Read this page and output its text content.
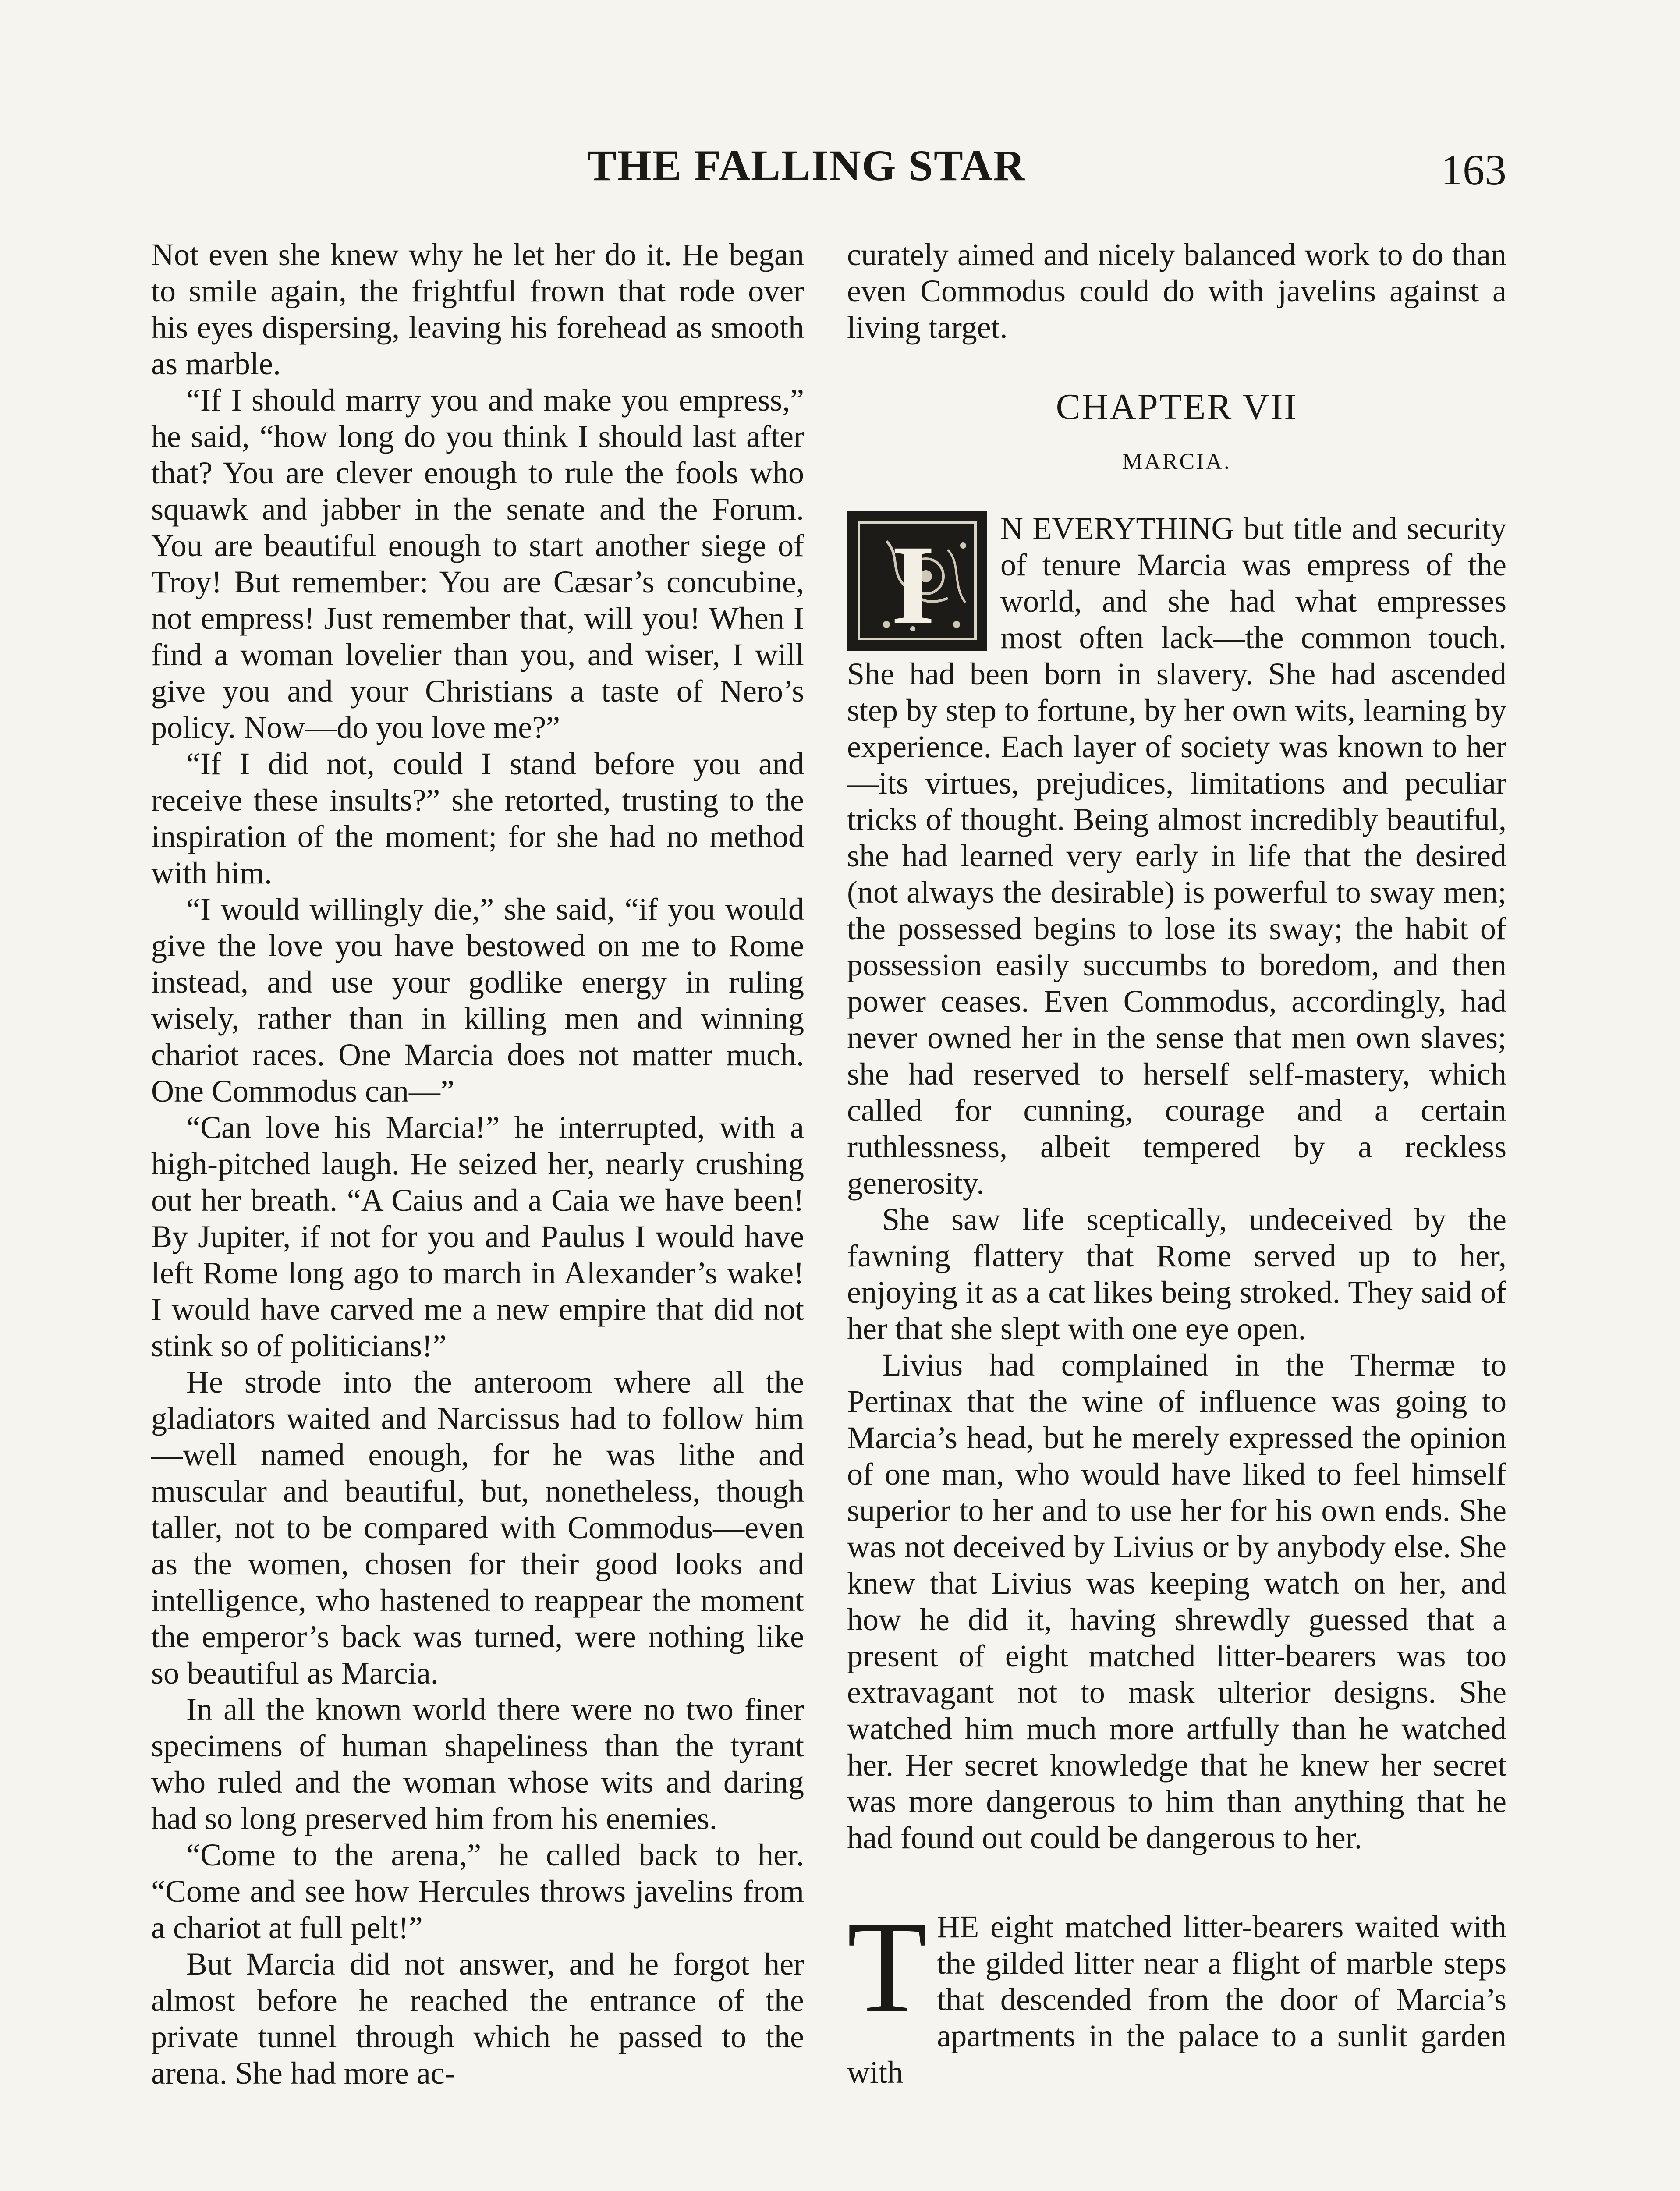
THE FALLING STAR	163

Not even she knew why he let her do it. He began to smile again, the frightful frown that rode over his eyes dispersing, leaving his forehead as smooth as marble.

“If I should marry you and make you empress,” he said, “how long do you think I should last after that? You are clever enough to rule the fools who squawk and jabber in the senate and the Forum. You are beautiful enough to start another siege of Troy! But remember: You are Cæsar’s concubine, not empress! Just remember that, will you! When I find a woman lovelier than you, and wiser, I will give you and your Christians a taste of Nero’s policy. Now—do you love me?”

“If I did not, could I stand before you and receive these insults?” she retorted, trusting to the inspiration of the moment; for she had no method with him.

“I would willingly die,” she said, “if you would give the love you have bestowed on me to Rome instead, and use your godlike energy in ruling wisely, rather than in killing men and winning chariot races. One Marcia does not matter much. One Commodus can—”

“Can love his Marcia!” he interrupted, with a high-pitched laugh. He seized her, nearly crushing out her breath. “A Caius and a Caia we have been! By Jupiter, if not for you and Paulus I would have left Rome long ago to march in Alexander’s wake! I would have carved me a new empire that did not stink so of politicians!”

He strode into the anteroom where all the gladiators waited and Narcissus had to follow him—well named enough, for he was lithe and muscular and beautiful, but, nonetheless, though taller, not to be compared with Commodus—even as the women, chosen for their good looks and intelligence, who hastened to reappear the moment the emperor’s back was turned, were nothing like so beautiful as Marcia.

In all the known world there were no two finer specimens of human shapeliness than the tyrant who ruled and the woman whose wits and daring had so long preserved him from his enemies.

“Come to the arena,” he called back to her. “Come and see how Hercules throws javelins from a chariot at full pelt!”

But Marcia did not answer, and he forgot her almost before he reached the entrance of the private tunnel through which he passed to the arena. She had more ac-

curately aimed and nicely balanced work to do than even Commodus could do with javelins against a living target.

CHAPTER VII
MARCIA.

I N EVERYTHING but title and security of tenure Marcia was empress of the world, and she had what empresses most often lack—the common touch. She had been born in slavery. She had ascended step by step to fortune, by her own wits, learning by experience. Each layer of society was known to her—its virtues, prejudices, limitations and peculiar tricks of thought. Being almost incredibly beautiful, she had learned very early in life that the desired (not always the desirable) is powerful to sway men; the possessed begins to lose its sway; the habit of possession easily succumbs to boredom, and then power ceases. Even Commodus, accordingly, had never owned her in the sense that men own slaves; she had reserved to herself self-mastery, which called for cunning, courage and a certain ruthlessness, albeit tempered by a reckless generosity.

She saw life sceptically, undeceived by the fawning flattery that Rome served up to her, enjoying it as a cat likes being stroked. They said of her that she slept with one eye open.

Livius had complained in the Thermæ to Pertinax that the wine of influence was going to Marcia’s head, but he merely expressed the opinion of one man, who would have liked to feel himself superior to her and to use her for his own ends. She was not deceived by Livius or by anybody else. She knew that Livius was keeping watch on her, and how he did it, having shrewdly guessed that a present of eight matched litter-bearers was too extravagant not to mask ulterior designs. She watched him much more artfully than he watched her. Her secret knowledge that he knew her secret was more dangerous to him than anything that he had found out could be dangerous to her.

THE eight matched litter-bearers waited with the gilded litter near a flight of marble steps that descended from the door of Marcia’s apartments in the palace to a sunlit garden with
